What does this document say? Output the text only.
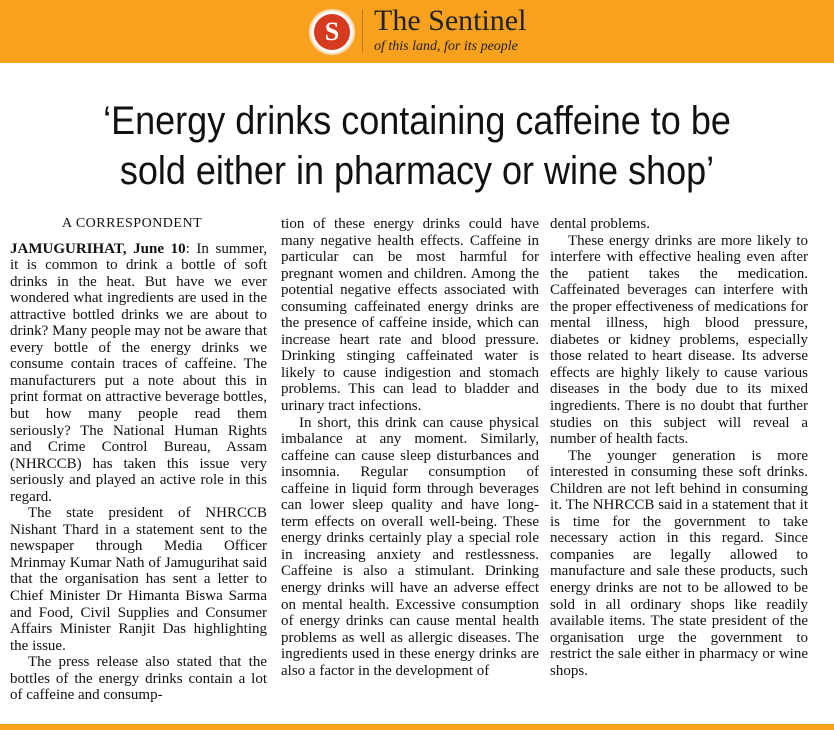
S	The Sentinel
of this land, for its people
‘Energy drinks containing caffeine to be
sold either in pharmacy or wine shop’
A CORRESPONDENT

JAMUGURIHAT, June 10: In summer, it is common to drink a bottle of soft drinks in the heat. But have we ever wondered what ingredients are used in the attractive bottled drinks we are about to drink? Many people may not be aware that every bottle of the energy drinks we consume contain traces of caffeine. The manufacturers put a note about this in print format on attractive beverage bottles, but how many people read them seriously? The National Human Rights and Crime Control Bureau, Assam (NHRCCB) has taken this issue very seriously and played an active role in this regard.

The state president of NHRCCB Nishant Thard in a statement sent to the newspaper through Media Officer Mrinmay Kumar Nath of Jamugurihat said that the organisation has sent a letter to Chief Minister Dr Himanta Biswa Sarma and Food, Civil Supplies and Consumer Affairs Minister Ranjit Das highlighting the issue.

The press release also stated that the bottles of the energy drinks contain a lot of caffeine and consump-

tion of these energy drinks could have many negative health effects. Caffeine in particular can be most harmful for pregnant women and children. Among the potential negative effects associated with consuming caffeinated energy drinks are the presence of caffeine inside, which can increase heart rate and blood pressure. Drinking stinging caffeinated water is likely to cause indigestion and stomach problems. This can lead to bladder and urinary tract infections.

In short, this drink can cause physical imbalance at any moment. Similarly, caffeine can cause sleep disturbances and insomnia. Regular consumption of caffeine in liquid form through beverages can lower sleep quality and have long-term effects on overall well-being. These energy drinks certainly play a special role in increasing anxiety and restlessness. Caffeine is also a stimulant. Drinking energy drinks will have an adverse effect on mental health. Excessive consumption of energy drinks can cause mental health problems as well as allergic diseases. The ingredients used in these energy drinks are also a factor in the development of

dental problems.

These energy drinks are more likely to interfere with effective healing even after the patient takes the medication. Caffeinated beverages can interfere with the proper effectiveness of medications for mental illness, high blood pressure, diabetes or kidney problems, especially those related to heart disease. Its adverse effects are highly likely to cause various diseases in the body due to its mixed ingredients. There is no doubt that further studies on this subject will reveal a number of health facts.

The younger generation is more interested in consuming these soft drinks. Children are not left behind in consuming it. The NHRCCB said in a statement that it is time for the government to take necessary action in this regard. Since companies are legally allowed to manufacture and sale these products, such energy drinks are not to be allowed to be sold in all ordinary shops like readily available items. The state president of the organisation urge the government to restrict the sale either in pharmacy or wine shops.
